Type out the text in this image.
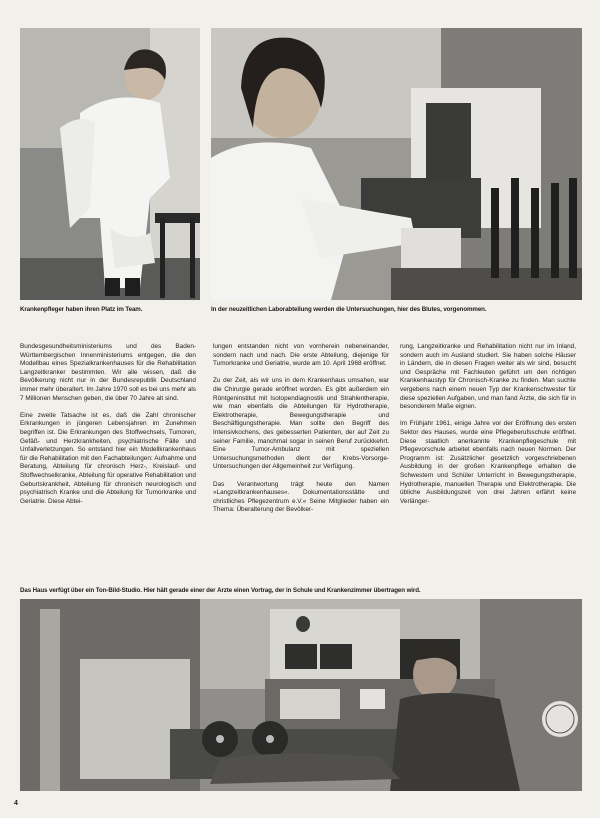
Krankenpfleger haben ihren Platz im Team.	In der neuzeitlichen Laborabteilung werden die Untersuchungen, hier des Blutes, vorgenommen.

Bundesgesundheitsministeriums und des Baden-Württembergischen Innenministeriums entgegen, die den Modellbau eines Spezialkrankenhauses für die Rehabilitation Langzeitkranker bestimmten. Wir alle wissen, daß die Bevölkerung nicht nur in der Bundesrepublik Deutschland immer mehr überaltert. Im Jahre 1970 soll es bei uns mehr als 7 Millionen Menschen geben, die über 70 Jahre alt sind.

Eine zweite Tatsache ist es, daß die Zahl chronischer Erkrankungen in jüngeren Lebensjahren im Zunehmen begriffen ist. Die Erkrankungen des Stoffwechsels, Tumoren, Gefäß- und Herzkrankheiten, psychiatrische Fälle und Unfallverletzungen. So entstand hier ein Modellkrankenhaus für die Rehabilitation mit den Fachabteilungen: Aufnahme und Beratung, Abteilung für chronisch Herz-, Kreislauf- und Stoffwechselkranke, Abteilung für operative Rehabilitation und Geburtskrankheit, Abteilung für chronisch neurologisch und psychiatrisch Kranke und die Abteilung für Tumorkranke und Geriatrie. Diese Abtei-

lungen entstanden nicht von vornherein nebeneinander, sondern nach und nach. Die erste Abteilung, diejenige für Tumorkranke und Geriatrie, wurde am 10. April 1968 eröffnet.

Zu der Zeit, als wir uns in dem Krankenhaus umsahen, war die Chirurgie gerade eröffnet worden. Es gibt außerdem ein Röntgeninstitut mit Isotopendiagnostik und Strahlentherapie, wie man ebenfalls die Abteilungen für Hydrotherapie, Elektrotherapie, Bewegungstherapie und Beschäftigungstherapie. Man sollte den Begriff des Intensivkochens, des gebesserten Patienten, der auf Zeit zu seiner Familie, manchmal sogar in seinen Beruf zurückkehrt. Eine Tumor-Ambulanz mit speziellen Untersuchungsmethoden dient der Krebs-Vorsorge-Untersuchungen der Allgemeinheit zur Verfügung.

Das Verantwortung trägt heute den Namen »Langzeitkrankenhauses«. Dokumentationsstätte und christliches Pflegezentrum e.V.« Seine Mitglieder haben ein Thema: Überalterung der Bevölker-

rung, Langzeitkranke und Rehabilitation nicht nur im Inland, sondern auch im Ausland studiert. Sie haben solche Häuser in Ländern, die in diesen Fragen weiter als wir sind, besucht und Gespräche mit Fachleuten geführt um den richtigen Krankenhaustyp für Chronisch-Kranke zu finden. Man suchte vergebens nach einem neuen Typ der Krankenschwester für diese speziellen Aufgaben, und man fand Ärzte, die sich für in besonderem Maße eignen.

Im Frühjahr 1961, einige Jahre vor der Eröffnung des ersten Sektor des Hauses, wurde eine Pflegeberufsschule eröffnet. Diese staatlich anerkannte Krankenpflegeschule mit Pflegevorschule arbeitet ebenfalls nach neuen Normen. Der Programm ist: Zusätzlicher gesetzlich vorgeschriebenen Ausbildung in der großen Krankenpflege erhalten die Schwestern und Schüler Unterricht in Bewegungstherapie, Hydrotherapie, manuellen Therapie und Elektrotherapie. Die übliche Ausbildungszeit von drei Jahren erfährt keine Verlänger-

Das Haus verfügt über ein Ton-Bild-Studio. Hier hält gerade einer der Ärzte einen Vortrag, der in Schule und Krankenzimmer übertragen wird.
4
